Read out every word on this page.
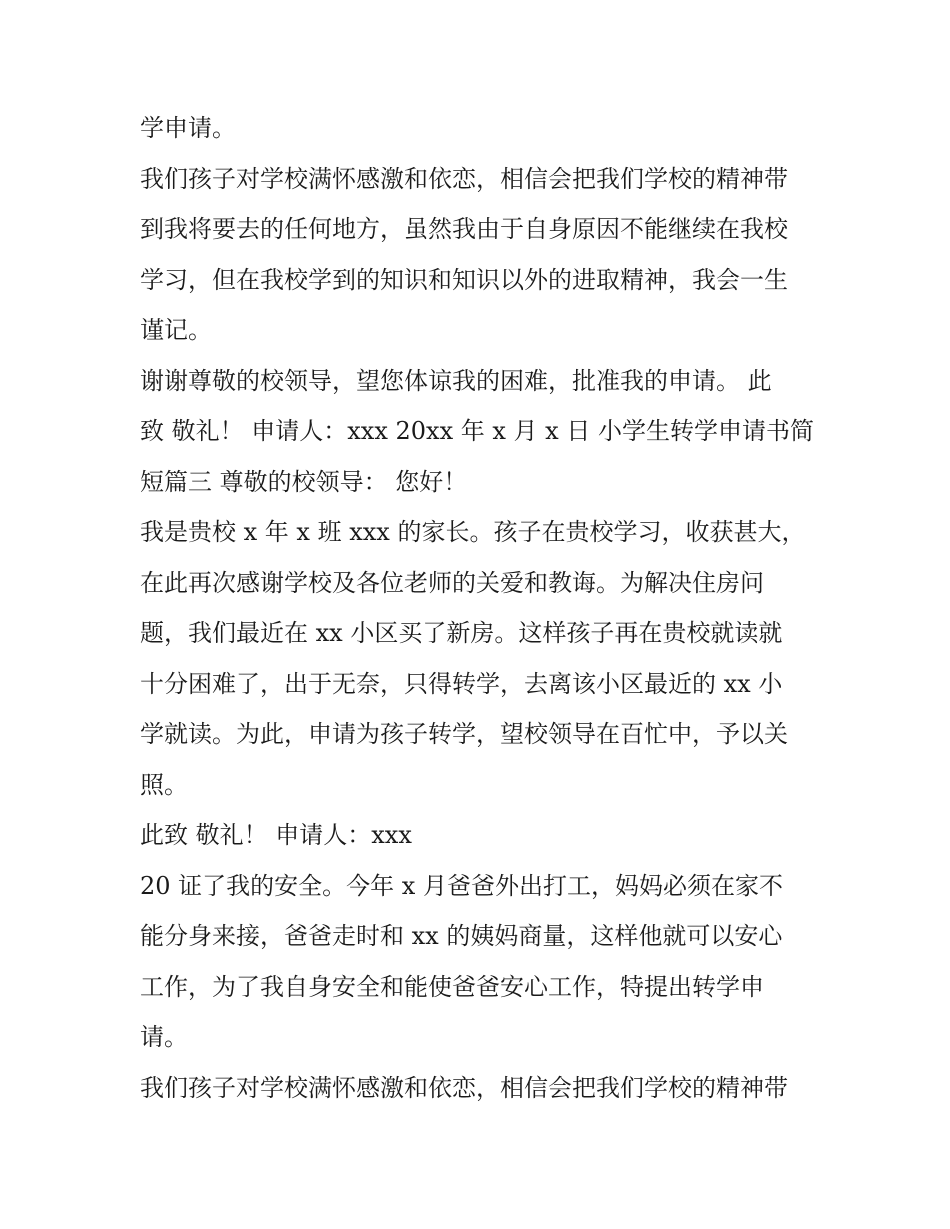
学申请。
我们孩子对学校满怀感激和依恋，相信会把我们学校的精神带
到我将要去的任何地方，虽然我由于自身原因不能继续在我校
学习，但在我校学到的知识和知识以外的进取精神，我会一生
谨记。
谢谢尊敬的校领导，望您体谅我的困难，批准我的申请。 此
致 敬礼！ 申请人：xxx 20xx 年 x 月 x 日 小学生转学申请书简
短篇三 尊敬的校领导： 您好！
我是贵校 x 年 x 班 xxx 的家长。孩子在贵校学习，收获甚大，
在此再次感谢学校及各位老师的关爱和教诲。为解决住房问
题，我们最近在 xx 小区买了新房。这样孩子再在贵校就读就
十分困难了，出于无奈，只得转学，去离该小区最近的 xx 小
学就读。为此，申请为孩子转学，望校领导在百忙中，予以关
照。
此致 敬礼！ 申请人：xxx
20 证了我的安全。今年 x 月爸爸外出打工，妈妈必须在家不
能分身来接，爸爸走时和 xx 的姨妈商量，这样他就可以安心
工作，为了我自身安全和能使爸爸安心工作，特提出转学申
请。
我们孩子对学校满怀感激和依恋，相信会把我们学校的精神带
